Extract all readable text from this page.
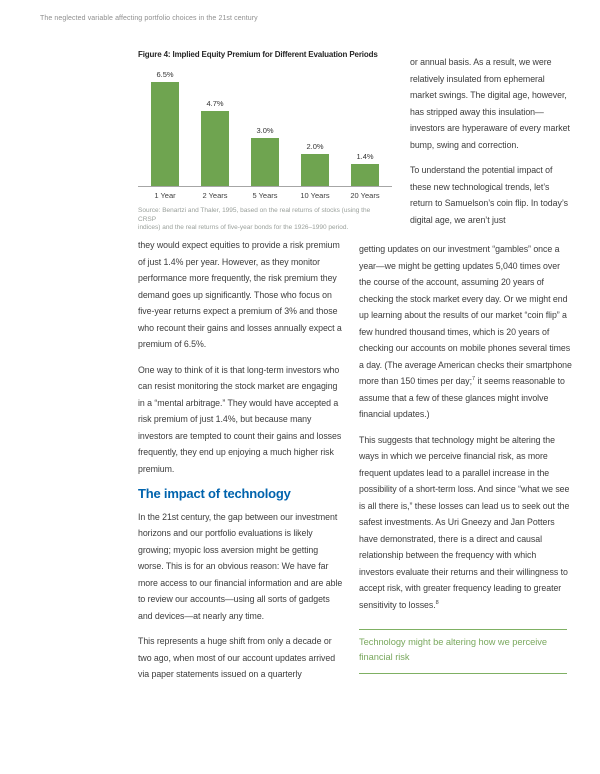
The neglected variable affecting portfolio choices in the 21st century
Figure 4: Implied Equity Premium for Different Evaluation Periods
6.5%
4.7%
3.0%
2.0%
1.4%
1 Year	2 Years	5 Years	10 Years	20 Years
Source: Benartzi and Thaler, 1995, based on the real returns of stocks (using the CRSP
indices) and the real returns of five-year bonds for the 1926–1990 period.

or annual basis. As a result, we were relatively insulated from ephemeral market swings. The digital age, however, has stripped away this insulation—investors are hyperaware of every market bump, swing and correction.

To understand the potential impact of these new technological trends, let’s return to Samuelson’s coin flip. In today’s digital age, we aren’t just

they would expect equities to provide a risk premium of just 1.4% per year. However, as they monitor performance more frequently, the risk premium they demand goes up significantly. Those who focus on five-year returns expect a premium of 3% and those who recount their gains and losses annually expect a premium of 6.5%.

One way to think of it is that long-term investors who can resist monitoring the stock market are engaging in a “mental arbitrage.” They would have accepted a risk premium of just 1.4%, but because many investors are tempted to count their gains and losses frequently, they end up enjoying a much higher risk premium.

The impact of technology

In the 21st century, the gap between our investment horizons and our portfolio evaluations is likely growing; myopic loss aversion might be getting worse. This is for an obvious reason: We have far more access to our financial information and are able to review our accounts—using all sorts of gadgets and devices—at nearly any time.

This represents a huge shift from only a decade or two ago, when most of our account updates arrived via paper statements issued on a quarterly

getting updates on our investment “gambles” once a year—we might be getting updates 5,040 times over the course of the account, assuming 20 years of checking the stock market every day. Or we might end up learning about the results of our market “coin flip” a few hundred thousand times, which is 20 years of checking our accounts on mobile phones several times a day. (The average American checks their smartphone more than 150 times per day;$^7$ it seems reasonable to assume that a few of these glances might involve financial updates.)

This suggests that technology might be altering the ways in which we perceive financial risk, as more frequent updates lead to a parallel increase in the possibility of a short-term loss. And since “what we see is all there is,” these losses can lead us to seek out the safest investments. As Uri Gneezy and Jan Potters have demonstrated, there is a direct and causal relationship between the frequency with which investors evaluate their returns and their willingness to accept risk, with greater frequency leading to greater sensitivity to losses.$^8$

Technology might be altering how we perceive financial risk
